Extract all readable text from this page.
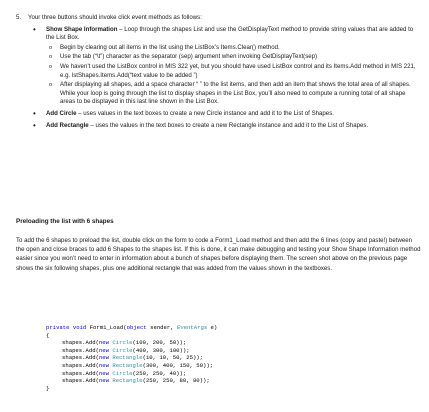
5.	Your three buttons should invoke click event methods as follows:
• Show Shape Information – Loop through the shapes List and use the GetDisplayText method to provide string values that are added to the List Box.
o Begin by clearing out all items in the list using the ListBox’s Items.Clear() method.
o Use the tab (“\t”) character as the separator (sep) argument when invoking GetDisplayText(sep)
o We haven’t used the ListBox control in MIS 322 yet, but you should have used ListBox control and its Items.Add method in MIS 221, e.g. lstShapes.Items.Add(“text value to be added ”)
o After displaying all shapes, add a space character “ ” to the list items, and then add an item that shows the total area of all shapes. While your loop is going through the list to display shapes in the List Box, you’ll also need to compute a running total of all shape areas to be displayed in this last line shown in the List Box.
• Add Circle – uses values in the text boxes to create a new Circle instance and add it to the List of Shapes.
• Add Rectangle – uses the values in the text boxes to create a new Rectangle instance and add it to the List of Shapes.
Preloading the list with 6 shapes
To add the 6 shapes to preload the list, double click on the form to code a Form1_Load method and then add the 6 lines (copy and paste!) between the open and close braces to add 6 Shapes to the shapes list. If this is done, it can make debugging and testing your Show Shape Information method easier since you won’t need to enter in information about a bunch of shapes before displaying them. The screen shot above on the previous page shows the six following shapes, plus one additional rectangle that was added from the values shown in the textboxes.
private void Form1_Load(object sender, EventArgs e)
{
shapes.Add(new Circle(100, 200, 50));
shapes.Add(new Circle(400, 300, 100));
shapes.Add(new Rectangle(10, 10, 50, 25));
shapes.Add(new Rectangle(300, 400, 150, 50));
shapes.Add(new Circle(250, 250, 40));
shapes.Add(new Rectangle(250, 250, 80, 80));
}
